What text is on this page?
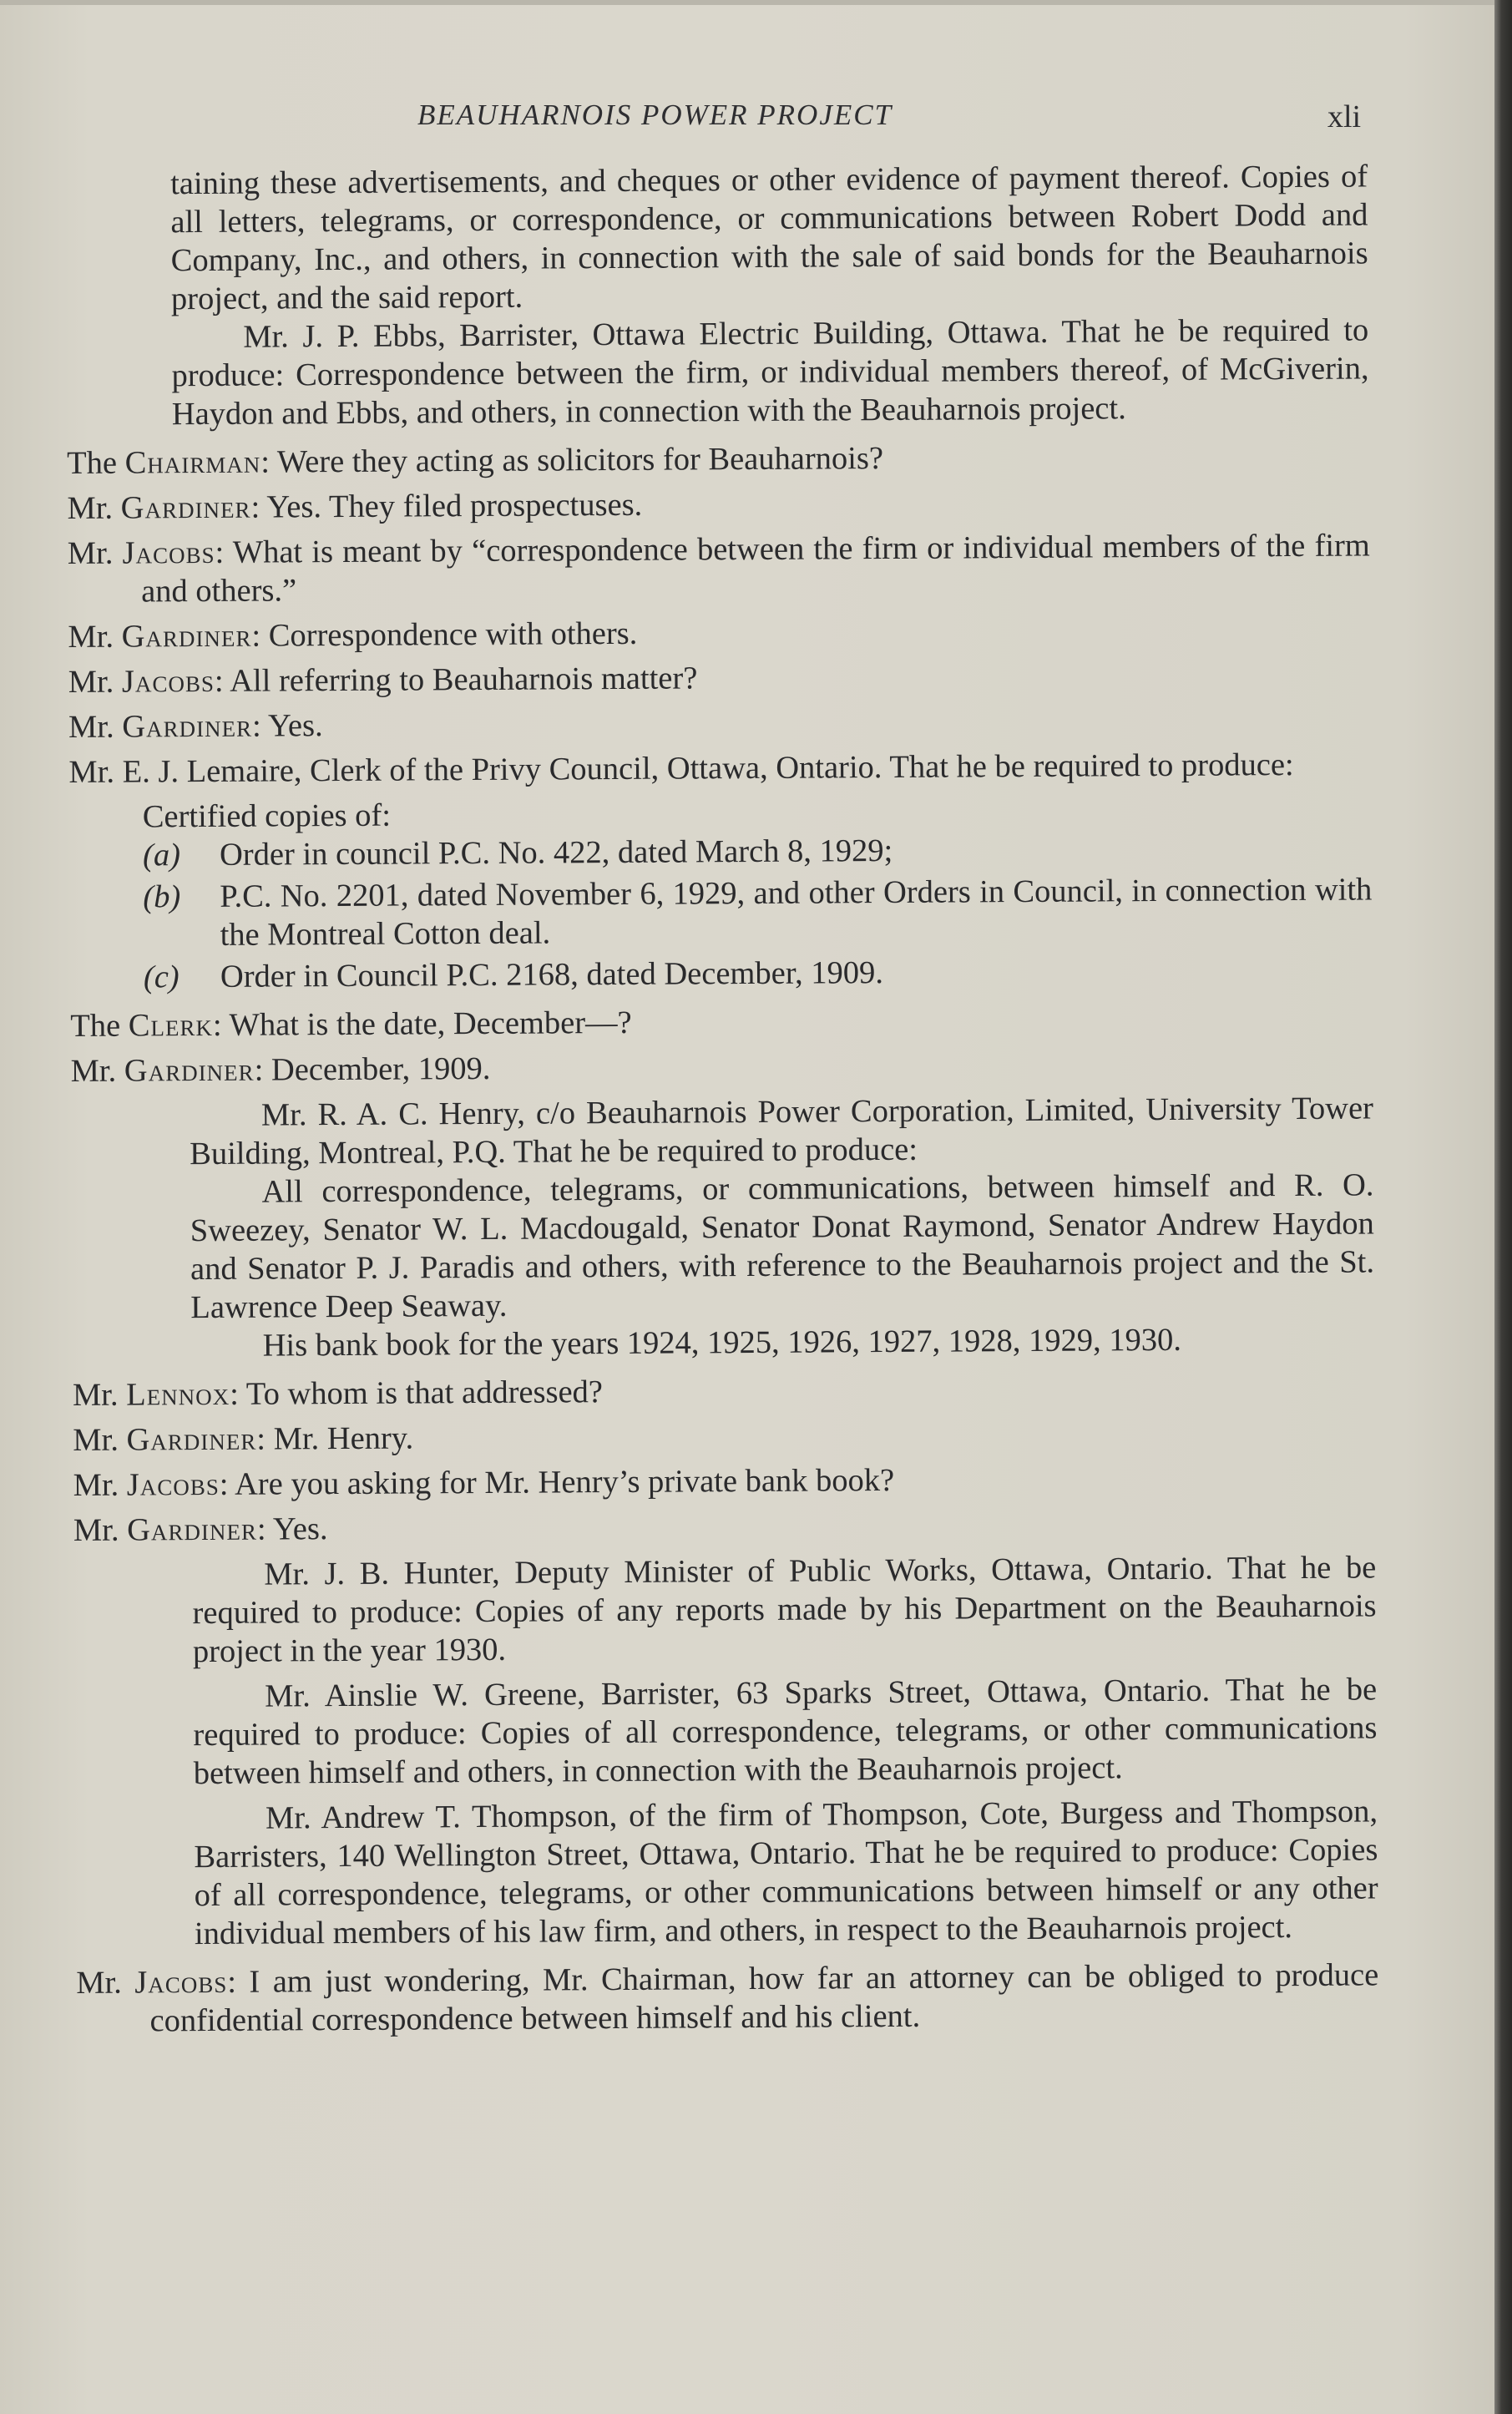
BEAUHARNOIS POWER PROJECT	xli

taining these advertisements, and cheques or other evidence of payment thereof. Copies of all letters, telegrams, or correspondence, or communications between Robert Dodd and Company, Inc., and others, in connection with the sale of said bonds for the Beauharnois project, and the said report.

Mr. J. P. Ebbs, Barrister, Ottawa Electric Building, Ottawa. That he be required to produce: Correspondence between the firm, or individual members thereof, of McGiverin, Haydon and Ebbs, and others, in connection with the Beauharnois project.

The Chairman: Were they acting as solicitors for Beauharnois?

Mr. Gardiner: Yes. They filed prospectuses.

Mr. Jacobs: What is meant by “correspondence between the firm or individual members of the firm and others.”

Mr. Gardiner: Correspondence with others.

Mr. Jacobs: All referring to Beauharnois matter?

Mr. Gardiner: Yes.

Mr. E. J. Lemaire, Clerk of the Privy Council, Ottawa, Ontario. That he be required to produce:

Certified copies of:

(a)	Order in council P.C. No. 422, dated March 8, 1929;
(b)	P.C. No. 2201, dated November 6, 1929, and other Orders in Council, in connection with the Montreal Cotton deal.
(c)	Order in Council P.C. 2168, dated December, 1909.

The Clerk: What is the date, December—?

Mr. Gardiner: December, 1909.

Mr. R. A. C. Henry, c/o Beauharnois Power Corporation, Limited, University Tower Building, Montreal, P.Q. That he be required to produce:

All correspondence, telegrams, or communications, between himself and R. O. Sweezey, Senator W. L. Macdougald, Senator Donat Raymond, Senator Andrew Haydon and Senator P. J. Paradis and others, with reference to the Beauharnois project and the St. Lawrence Deep Seaway.

His bank book for the years 1924, 1925, 1926, 1927, 1928, 1929, 1930.

Mr. Lennox: To whom is that addressed?

Mr. Gardiner: Mr. Henry.

Mr. Jacobs: Are you asking for Mr. Henry’s private bank book?

Mr. Gardiner: Yes.

Mr. J. B. Hunter, Deputy Minister of Public Works, Ottawa, Ontario. That he be required to produce: Copies of any reports made by his Department on the Beauharnois project in the year 1930.

Mr. Ainslie W. Greene, Barrister, 63 Sparks Street, Ottawa, Ontario. That he be required to produce: Copies of all correspondence, telegrams, or other communications between himself and others, in connection with the Beauharnois project.

Mr. Andrew T. Thompson, of the firm of Thompson, Cote, Burgess and Thompson, Barristers, 140 Wellington Street, Ottawa, Ontario. That he be required to produce: Copies of all correspondence, telegrams, or other communications between himself or any other individual members of his law firm, and others, in respect to the Beauharnois project.

Mr. Jacobs: I am just wondering, Mr. Chairman, how far an attorney can be obliged to produce confidential correspondence between himself and his client.
